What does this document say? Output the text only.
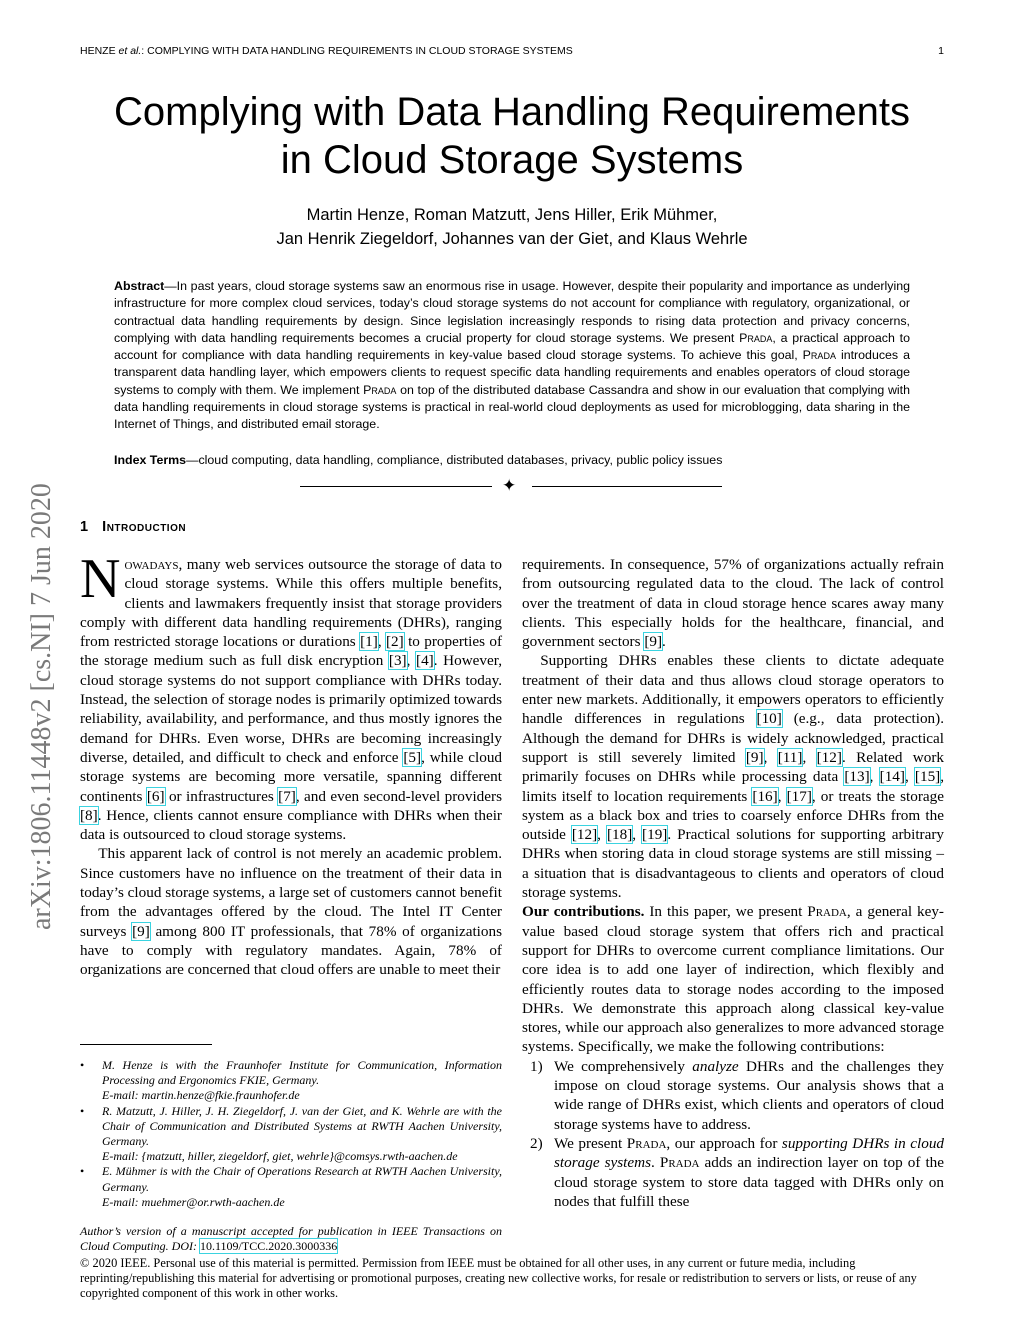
HENZE et al.: COMPLYING WITH DATA HANDLING REQUIREMENTS IN CLOUD STORAGE SYSTEMS	1
Complying with Data Handling Requirements
in Cloud Storage Systems
Martin Henze, Roman Matzutt, Jens Hiller, Erik Mühmer,
Jan Henrik Ziegeldorf, Johannes van der Giet, and Klaus Wehrle
Abstract—In past years, cloud storage systems saw an enormous rise in usage. However, despite their popularity and importance as underlying infrastructure for more complex cloud services, today’s cloud storage systems do not account for compliance with regulatory, organizational, or contractual data handling requirements by design. Since legislation increasingly responds to rising data protection and privacy concerns, complying with data handling requirements becomes a crucial property for cloud storage systems. We present Prada, a practical approach to account for compliance with data handling requirements in key-value based cloud storage systems. To achieve this goal, Prada introduces a transparent data handling layer, which empowers clients to request specific data handling requirements and enables operators of cloud storage systems to comply with them. We implement Prada on top of the distributed database Cassandra and show in our evaluation that complying with data handling requirements in cloud storage systems is practical in real-world cloud deployments as used for microblogging, data sharing in the Internet of Things, and distributed email storage.
Index Terms—cloud computing, data handling, compliance, distributed databases, privacy, public policy issues
✦
arXiv:1806.11448v2 [cs.NI] 7 Jun 2020	1 Introduction

Nowadays, many web services outsource the storage of data to cloud storage systems. While this offers multiple benefits, clients and lawmakers frequently insist that storage providers comply with different data handling requirements (DHRs), ranging from restricted storage locations or durations [1], [2] to properties of the storage medium such as full disk encryption [3], [4]. However, cloud storage systems do not support compliance with DHRs today. Instead, the selection of storage nodes is primarily optimized towards reliability, availability, and performance, and thus mostly ignores the demand for DHRs. Even worse, DHRs are becoming increasingly diverse, detailed, and difficult to check and enforce [5], while cloud storage systems are becoming more versatile, spanning different continents [6] or infrastructures [7], and even second-level providers [8]. Hence, clients cannot ensure compliance with DHRs when their data is outsourced to cloud storage systems.

This apparent lack of control is not merely an academic problem. Since customers have no influence on the treatment of their data in today’s cloud storage systems, a large set of customers cannot benefit from the advantages offered by the cloud. The Intel IT Center surveys [9] among 800 IT professionals, that 78% of organizations have to comply with regulatory mandates. Again, 78% of organizations are concerned that cloud offers are unable to meet their

• M. Henze is with the Fraunhofer Institute for Communication, Information Processing and Ergonomics FKIE, Germany.
E-mail: martin.henze@fkie.fraunhofer.de
• R. Matzutt, J. Hiller, J. H. Ziegeldorf, J. van der Giet, and K. Wehrle are with the Chair of Communication and Distributed Systems at RWTH Aachen University, Germany.
E-mail: {matzutt, hiller, ziegeldorf, giet, wehrle}@comsys.rwth-aachen.de
• E. Mühmer is with the Chair of Operations Research at RWTH Aachen University, Germany.
E-mail: muehmer@or.rwth-aachen.de
Author’s version of a manuscript accepted for publication in IEEE Transactions on Cloud Computing. DOI: 10.1109/TCC.2020.3000336

requirements. In consequence, 57% of organizations actually refrain from outsourcing regulated data to the cloud. The lack of control over the treatment of data in cloud storage hence scares away many clients. This especially holds for the healthcare, financial, and government sectors [9].

Supporting DHRs enables these clients to dictate adequate treatment of their data and thus allows cloud storage operators to enter new markets. Additionally, it empowers operators to efficiently handle differences in regulations [10] (e.g., data protection). Although the demand for DHRs is widely acknowledged, practical support is still severely limited [9], [11], [12]. Related work primarily focuses on DHRs while processing data [13], [14], [15], limits itself to location requirements [16], [17], or treats the storage system as a black box and tries to coarsely enforce DHRs from the outside [12], [18], [19]. Practical solutions for supporting arbitrary DHRs when storing data in cloud storage systems are still missing – a situation that is disadvantageous to clients and operators of cloud storage systems.

Our contributions. In this paper, we present Prada, a general key-value based cloud storage system that offers rich and practical support for DHRs to overcome current compliance limitations. Our core idea is to add one layer of indirection, which flexibly and efficiently routes data to storage nodes according to the imposed DHRs. We demonstrate this approach along classical key-value stores, while our approach also generalizes to more advanced storage systems. Specifically, we make the following contributions:

1) We comprehensively analyze DHRs and the challenges they impose on cloud storage systems. Our analysis shows that a wide range of DHRs exist, which clients and operators of cloud storage systems have to address.
2) We present Prada, our approach for supporting DHRs in cloud storage systems. Prada adds an indirection layer on top of the cloud storage system to store data tagged with DHRs only on nodes that fulfill these
© 2020 IEEE. Personal use of this material is permitted. Permission from IEEE must be obtained for all other uses, in any current or future media, including reprinting/republishing this material for advertising or promotional purposes, creating new collective works, for resale or redistribution to servers or lists, or reuse of any copyrighted component of this work in other works.
